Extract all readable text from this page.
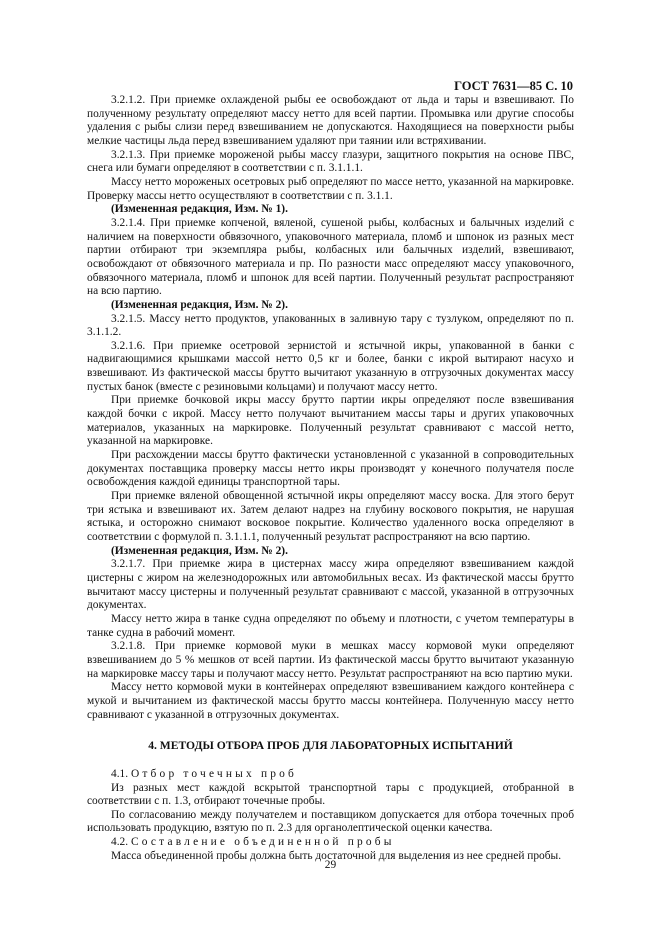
ГОСТ 7631—85 С. 10

3.2.1.2. При приемке охлажденой рыбы ее освобождают от льда и тары и взвешивают. По полученному результату определяют массу нетто для всей партии. Промывка или другие способы удаления с рыбы слизи перед взвешиванием не допускаются. Находящиеся на поверхности рыбы мелкие частицы льда перед взвешиванием удаляют при таянии или встряхивании.

3.2.1.3. При приемке мороженой рыбы массу глазури, защитного покрытия на основе ПВС, снега или бумаги определяют в соответствии с п. 3.1.1.1.

Массу нетто мороженых осетровых рыб определяют по массе нетто, указанной на маркировке. Проверку массы нетто осуществляют в соответствии с п. 3.1.1.

(Измененная редакция, Изм. № 1).

3.2.1.4. При приемке копченой, вяленой, сушеной рыбы, колбасных и балычных изделий с наличием на поверхности обвязочного, упаковочного материала, пломб и шпонок из разных мест партии отбирают три экземпляра рыбы, колбасных или балычных изделий, взвешивают, освобождают от обвязочного материала и пр. По разности масс определяют массу упаковочного, обвязочного материала, пломб и шпонок для всей партии. Полученный результат распространяют на всю партию.

(Измененная редакция, Изм. № 2).

3.2.1.5. Массу нетто продуктов, упакованных в заливную тару с тузлуком, определяют по п. 3.1.1.2.

3.2.1.6. При приемке осетровой зернистой и ястычной икры, упакованной в банки с надвигающимися крышками массой нетто 0,5 кг и более, банки с икрой вытирают насухо и взвешивают. Из фактической массы брутто вычитают указанную в отгрузочных документах массу пустых банок (вместе с резиновыми кольцами) и получают массу нетто.

При приемке бочковой икры массу брутто партии икры определяют после взвешивания каждой бочки с икрой. Массу нетто получают вычитанием массы тары и других упаковочных материалов, указанных на маркировке. Полученный результат сравнивают с массой нетто, указанной на маркировке.

При расхождении массы брутто фактически установленной с указанной в сопроводительных документах поставщика проверку массы нетто икры производят у конечного получателя после освобождения каждой единицы транспортной тары.

При приемке вяленой обвощенной ястычной икры определяют массу воска. Для этого берут три ястыка и взвешивают их. Затем делают надрез на глубину воскового покрытия, не нарушая ястыка, и осторожно снимают восковое покрытие. Количество удаленного воска определяют в соответствии с формулой п. 3.1.1.1, полученный результат распространяют на всю партию.

(Измененная редакция, Изм. № 2).

3.2.1.7. При приемке жира в цистернах массу жира определяют взвешиванием каждой цистерны с жиром на железнодорожных или автомобильных весах. Из фактической массы брутто вычитают массу цистерны и полученный результат сравнивают с массой, указанной в отгрузочных документах.

Массу нетто жира в танке судна определяют по объему и плотности, с учетом температуры в танке судна в рабочий момент.

3.2.1.8. При приемке кормовой муки в мешках массу кормовой муки определяют взвешиванием до 5 % мешков от всей партии. Из фактической массы брутто вычитают указанную на маркировке массу тары и получают массу нетто. Результат распространяют на всю партию муки.

Массу нетто кормовой муки в контейнерах определяют взвешиванием каждого контейнера с мукой и вычитанием из фактической массы брутто массы контейнера. Полученную массу нетто сравнивают с указанной в отгрузочных документах.

4. МЕТОДЫ ОТБОРА ПРОБ ДЛЯ ЛАБОРАТОРНЫХ ИСПЫТАНИЙ

4.1. Отбор точечных проб

Из разных мест каждой вскрытой транспортной тары с продукцией, отобранной в соответствии с п. 1.3, отбирают точечные пробы.

По согласованию между получателем и поставщиком допускается для отбора точечных проб использовать продукцию, взятую по п. 2.3 для органолептической оценки качества.

4.2. Составление объединенной пробы

Масса объединенной пробы должна быть достаточной для выделения из нее средней пробы.

29
